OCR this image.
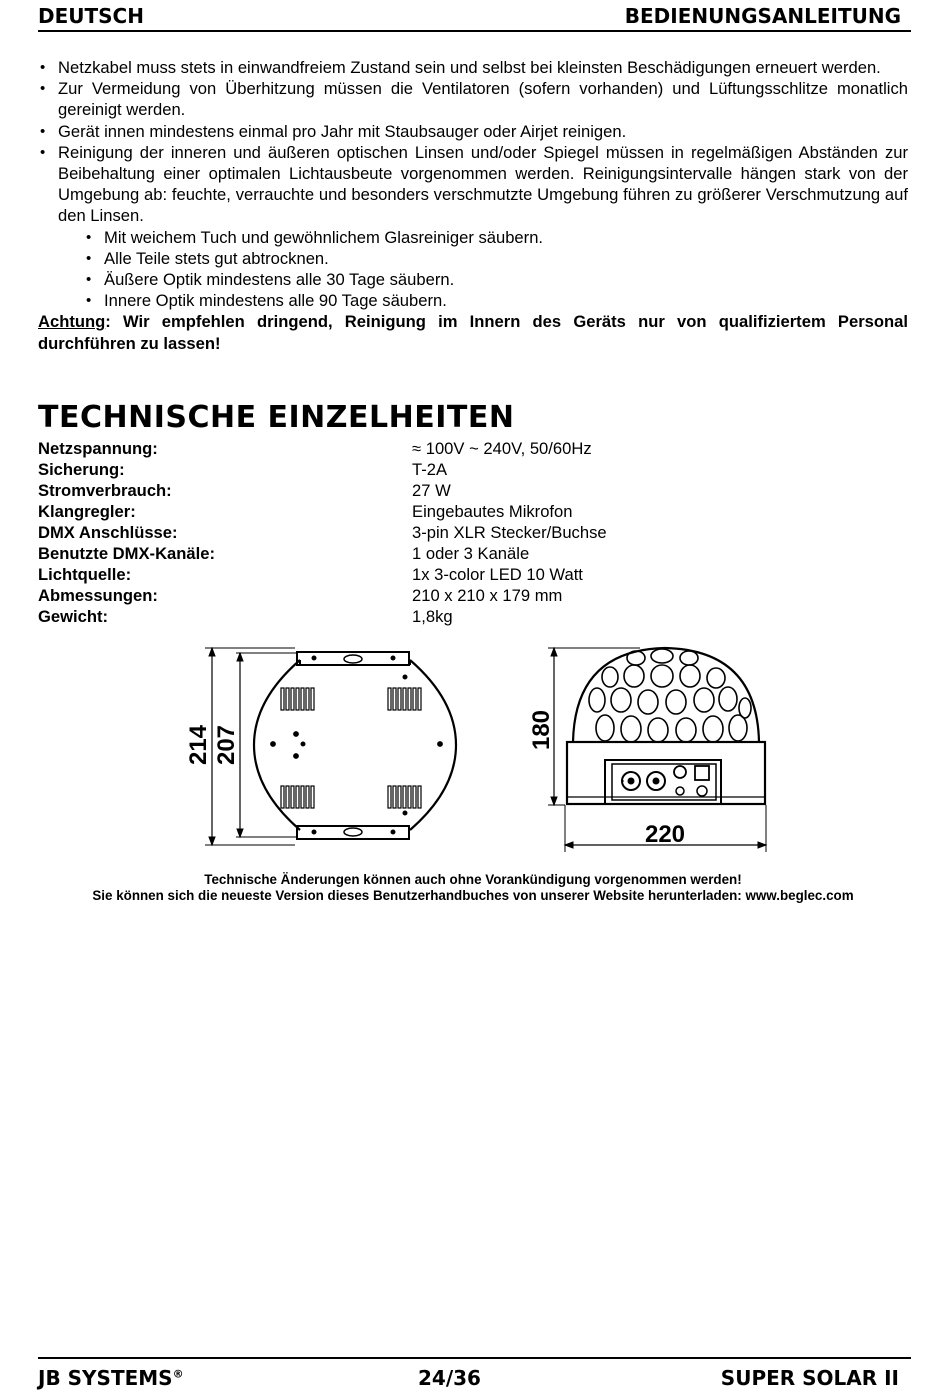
DEUTSCH	BEDIENUNGSANLEITUNG
• Netzkabel muss stets in einwandfreiem Zustand sein und selbst bei kleinsten Beschädigungen erneuert werden.
• Zur Vermeidung von Überhitzung müssen die Ventilatoren (sofern vorhanden) und Lüftungsschlitze monatlich gereinigt werden.
• Gerät innen mindestens einmal pro Jahr mit Staubsauger oder Airjet reinigen.
• Reinigung der inneren und äußeren optischen Linsen und/oder Spiegel müssen in regelmäßigen Abständen zur Beibehaltung einer optimalen Lichtausbeute vorgenommen werden. Reinigungsintervalle hängen stark von der Umgebung ab: feuchte, verrauchte und besonders verschmutzte Umgebung führen zu größerer Verschmutzung auf den Linsen.
• Mit weichem Tuch und gewöhnlichem Glasreiniger säubern.
• Alle Teile stets gut abtrocknen.
• Äußere Optik mindestens alle 30 Tage säubern.
• Innere Optik mindestens alle 90 Tage säubern.
Achtung: Wir empfehlen dringend, Reinigung im Innern des Geräts nur von qualifiziertem Personal durchführen zu lassen!
TECHNISCHE EINZELHEITEN
Netzspannung:	≈ 100V ~ 240V, 50/60Hz
Sicherung:	T-2A
Stromverbrauch:	27 W
Klangregler:	Eingebautes Mikrofon
DMX Anschlüsse:	3-pin XLR Stecker/Buchse
Benutzte DMX-Kanäle:	1 oder 3 Kanäle
Lichtquelle:	1x 3-color LED 10 Watt
Abmessungen:	210 x 210 x 179 mm
Gewicht:	1,8kg
214 207	180
220
Technische Änderungen können auch ohne Vorankündigung vorgenommen werden!
Sie können sich die neueste Version dieses Benutzerhandbuches von unserer Website herunterladen: www.beglec.com
JB SYSTEMS®	24/36	SUPER SOLAR II
